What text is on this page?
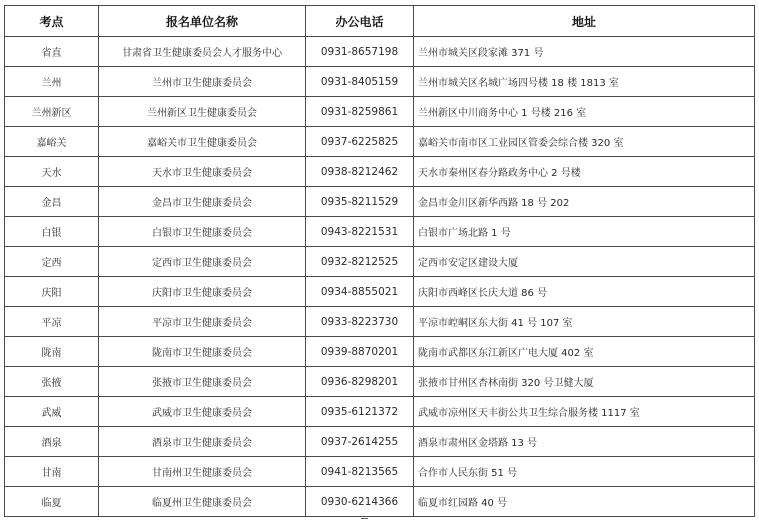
考点	报名单位名称	办公电话	地址
省直	甘肃省卫生健康委员会人才服务中心	0931-8657198	兰州市城关区段家滩 371 号
兰州	兰州市卫生健康委员会	0931-8405159	兰州市城关区名城广场四号楼 18 楼 1813 室
兰州新区	兰州新区卫生健康委员会	0931-8259861	兰州新区中川商务中心 1 号楼 216 室
嘉峪关	嘉峪关市卫生健康委员会	0937-6225825	嘉峪关市南市区工业园区管委会综合楼 320 室
天水	天水市卫生健康委员会	0938-8212462	天水市秦州区春分路政务中心 2 号楼
金昌	金昌市卫生健康委员会	0935-8211529	金昌市金川区新华西路 18 号 202
白银	白银市卫生健康委员会	0943-8221531	白银市广场北路 1 号
定西	定西市卫生健康委员会	0932-8212525	定西市安定区建设大厦
庆阳	庆阳市卫生健康委员会	0934-8855021	庆阳市西峰区长庆大道 86 号
平凉	平凉市卫生健康委员会	0933-8223730	平凉市崆峒区东大街 41 号 107 室
陇南	陇南市卫生健康委员会	0939-8870201	陇南市武都区东江新区广电大厦 402 室
张掖	张掖市卫生健康委员会	0936-8298201	张掖市甘州区杏林南街 320 号卫健大厦
武威	武威市卫生健康委员会	0935-6121372	武威市凉州区天丰街公共卫生综合服务楼 1117 室
酒泉	酒泉市卫生健康委员会	0937-2614255	酒泉市肃州区金塔路 13 号
甘南	甘南州卫生健康委员会	0941-8213565	合作市人民东街 51 号
临夏	临夏州卫生健康委员会	0930-6214366	临夏市红园路 40 号
